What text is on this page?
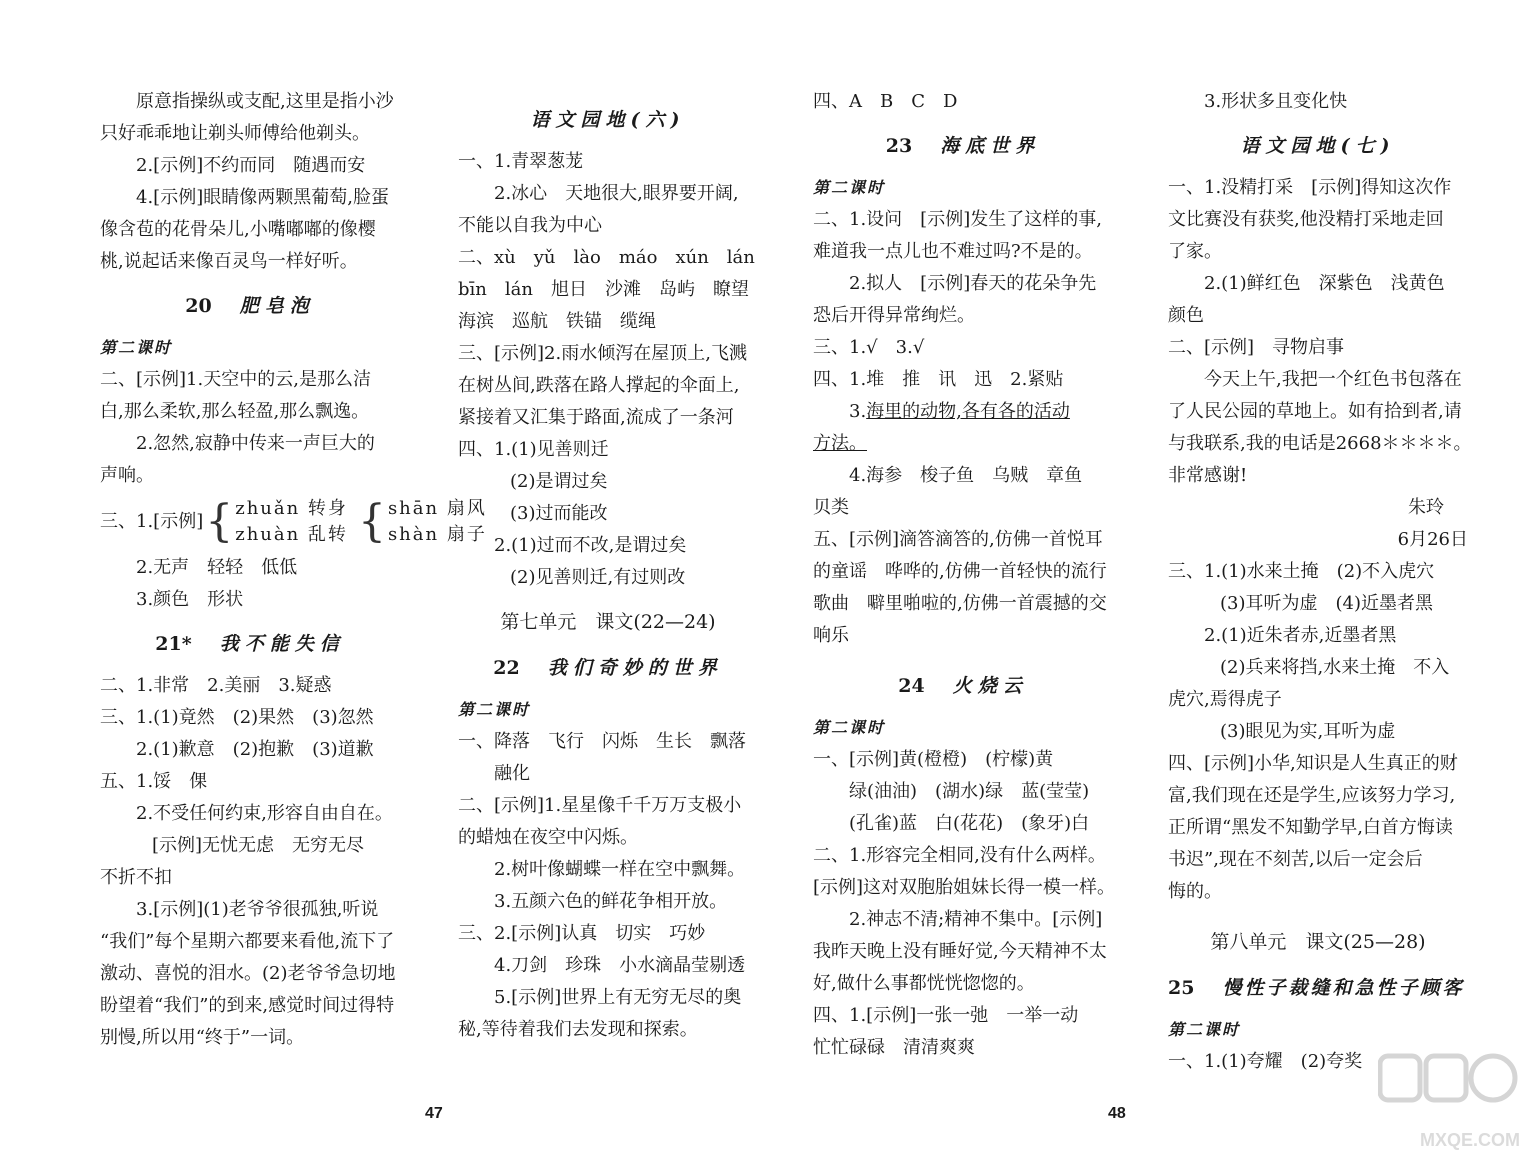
原意指操纵或支配,这里是指小沙
只好乖乖地让剃头师傅给他剃头。
2.[示例]不约而同　随遇而安
4.[示例]眼睛像两颗黑葡萄,脸蛋
像含苞的花骨朵儿,小嘴嘟嘟的像樱
桃,说起话来像百灵鸟一样好听。
20 肥皂泡
第二课时
二、[示例]1.天空中的云,是那么洁
白,那么柔软,那么轻盈,那么飘逸。
2.忽然,寂静中传来一声巨大的
声响。
三、1.[示例] { zhuǎn 转身
zhuàn 乱转 { shān 扇风
shàn 扇子
2.无声　轻轻　低低
3.颜色　形状
21* 我不能失信
二、1.非常　2.美丽　3.疑惑
三、1.(1)竟然　(2)果然　(3)忽然
2.(1)歉意　(2)抱歉　(3)道歉
五、1.馁　倮
2.不受任何约束,形容自由自在。
[示例]无忧无虑　无穷无尽
不折不扣
3.[示例](1)老爷爷很孤独,听说
“我们”每个星期六都要来看他,流下了
激动、喜悦的泪水。(2)老爷爷急切地
盼望着“我们”的到来,感觉时间过得特
别慢,所以用“终于”一词。
语文园地(六)
一、1.青翠葱茏
2.冰心　天地很大,眼界要开阔,
不能以自我为中心
二、xù　yǔ　lào　máo　xún　lán
bīn　lán　旭日　沙滩　岛屿　瞭望
海滨　巡航　铁锚　缆绳
三、[示例]2.雨水倾泻在屋顶上,飞溅
在树丛间,跌落在路人撑起的伞面上,
紧接着又汇集于路面,流成了一条河
四、1.(1)见善则迁
(2)是谓过矣
(3)过而能改
2.(1)过而不改,是谓过矣
(2)见善则迁,有过则改
第七单元　课文(22—24)
22 我们奇妙的世界
第二课时
一、降落　飞行　闪烁　生长　飘落
融化
二、[示例]1.星星像千千万万支极小
的蜡烛在夜空中闪烁。
2.树叶像蝴蝶一样在空中飘舞。
3.五颜六色的鲜花争相开放。
三、2.[示例]认真　切实　巧妙
4.刀剑　珍珠　小水滴晶莹剔透
5.[示例]世界上有无穷无尽的奥
秘,等待着我们去发现和探索。
四、A　B　C　D
23 海底世界
第二课时
二、1.设问　[示例]发生了这样的事,
难道我一点儿也不难过吗?不是的。
2.拟人　[示例]春天的花朵争先
恐后开得异常绚烂。
三、1.√　3.√
四、1.堆　推　讯　迅　2.紧贴
3.海里的动物,各有各的活动
方法。
4.海参　梭子鱼　乌贼　章鱼
贝类
五、[示例]滴答滴答的,仿佛一首悦耳
的童谣　哗哗的,仿佛一首轻快的流行
歌曲　噼里啪啦的,仿佛一首震撼的交
响乐
24 火烧云
第二课时
一、[示例]黄(橙橙)　(柠檬)黄
绿(油油)　(湖水)绿　蓝(莹莹)
(孔雀)蓝　白(花花)　(象牙)白
二、1.形容完全相同,没有什么两样。
[示例]这对双胞胎姐妹长得一模一样。
2.神志不清;精神不集中。[示例]
我昨天晚上没有睡好觉,今天精神不太
好,做什么事都恍恍惚惚的。
四、1.[示例]一张一弛　一举一动
忙忙碌碌　清清爽爽
3.形状多且变化快
语文园地(七)
一、1.没精打采　[示例]得知这次作
文比赛没有获奖,他没精打采地走回
了家。
2.(1)鲜红色　深紫色　浅黄色
颜色
二、[示例]　寻物启事
今天上午,我把一个红色书包落在
了人民公园的草地上。如有拾到者,请
与我联系,我的电话是2668＊＊＊＊。
非常感谢!
朱玲
6月26日
三、1.(1)水来土掩　(2)不入虎穴
(3)耳听为虚　(4)近墨者黑
2.(1)近朱者赤,近墨者黑
(2)兵来将挡,水来土掩　不入
虎穴,焉得虎子
(3)眼见为实,耳听为虚
四、[示例]小华,知识是人生真正的财
富,我们现在还是学生,应该努力学习,
正所谓“黑发不知勤学早,白首方悔读
书迟”,现在不刻苦,以后一定会后
悔的。
第八单元　课文(25—28)
25 慢性子裁缝和急性子顾客
第二课时
一、1.(1)夸耀　(2)夸奖
47	48
MXQE.COM
